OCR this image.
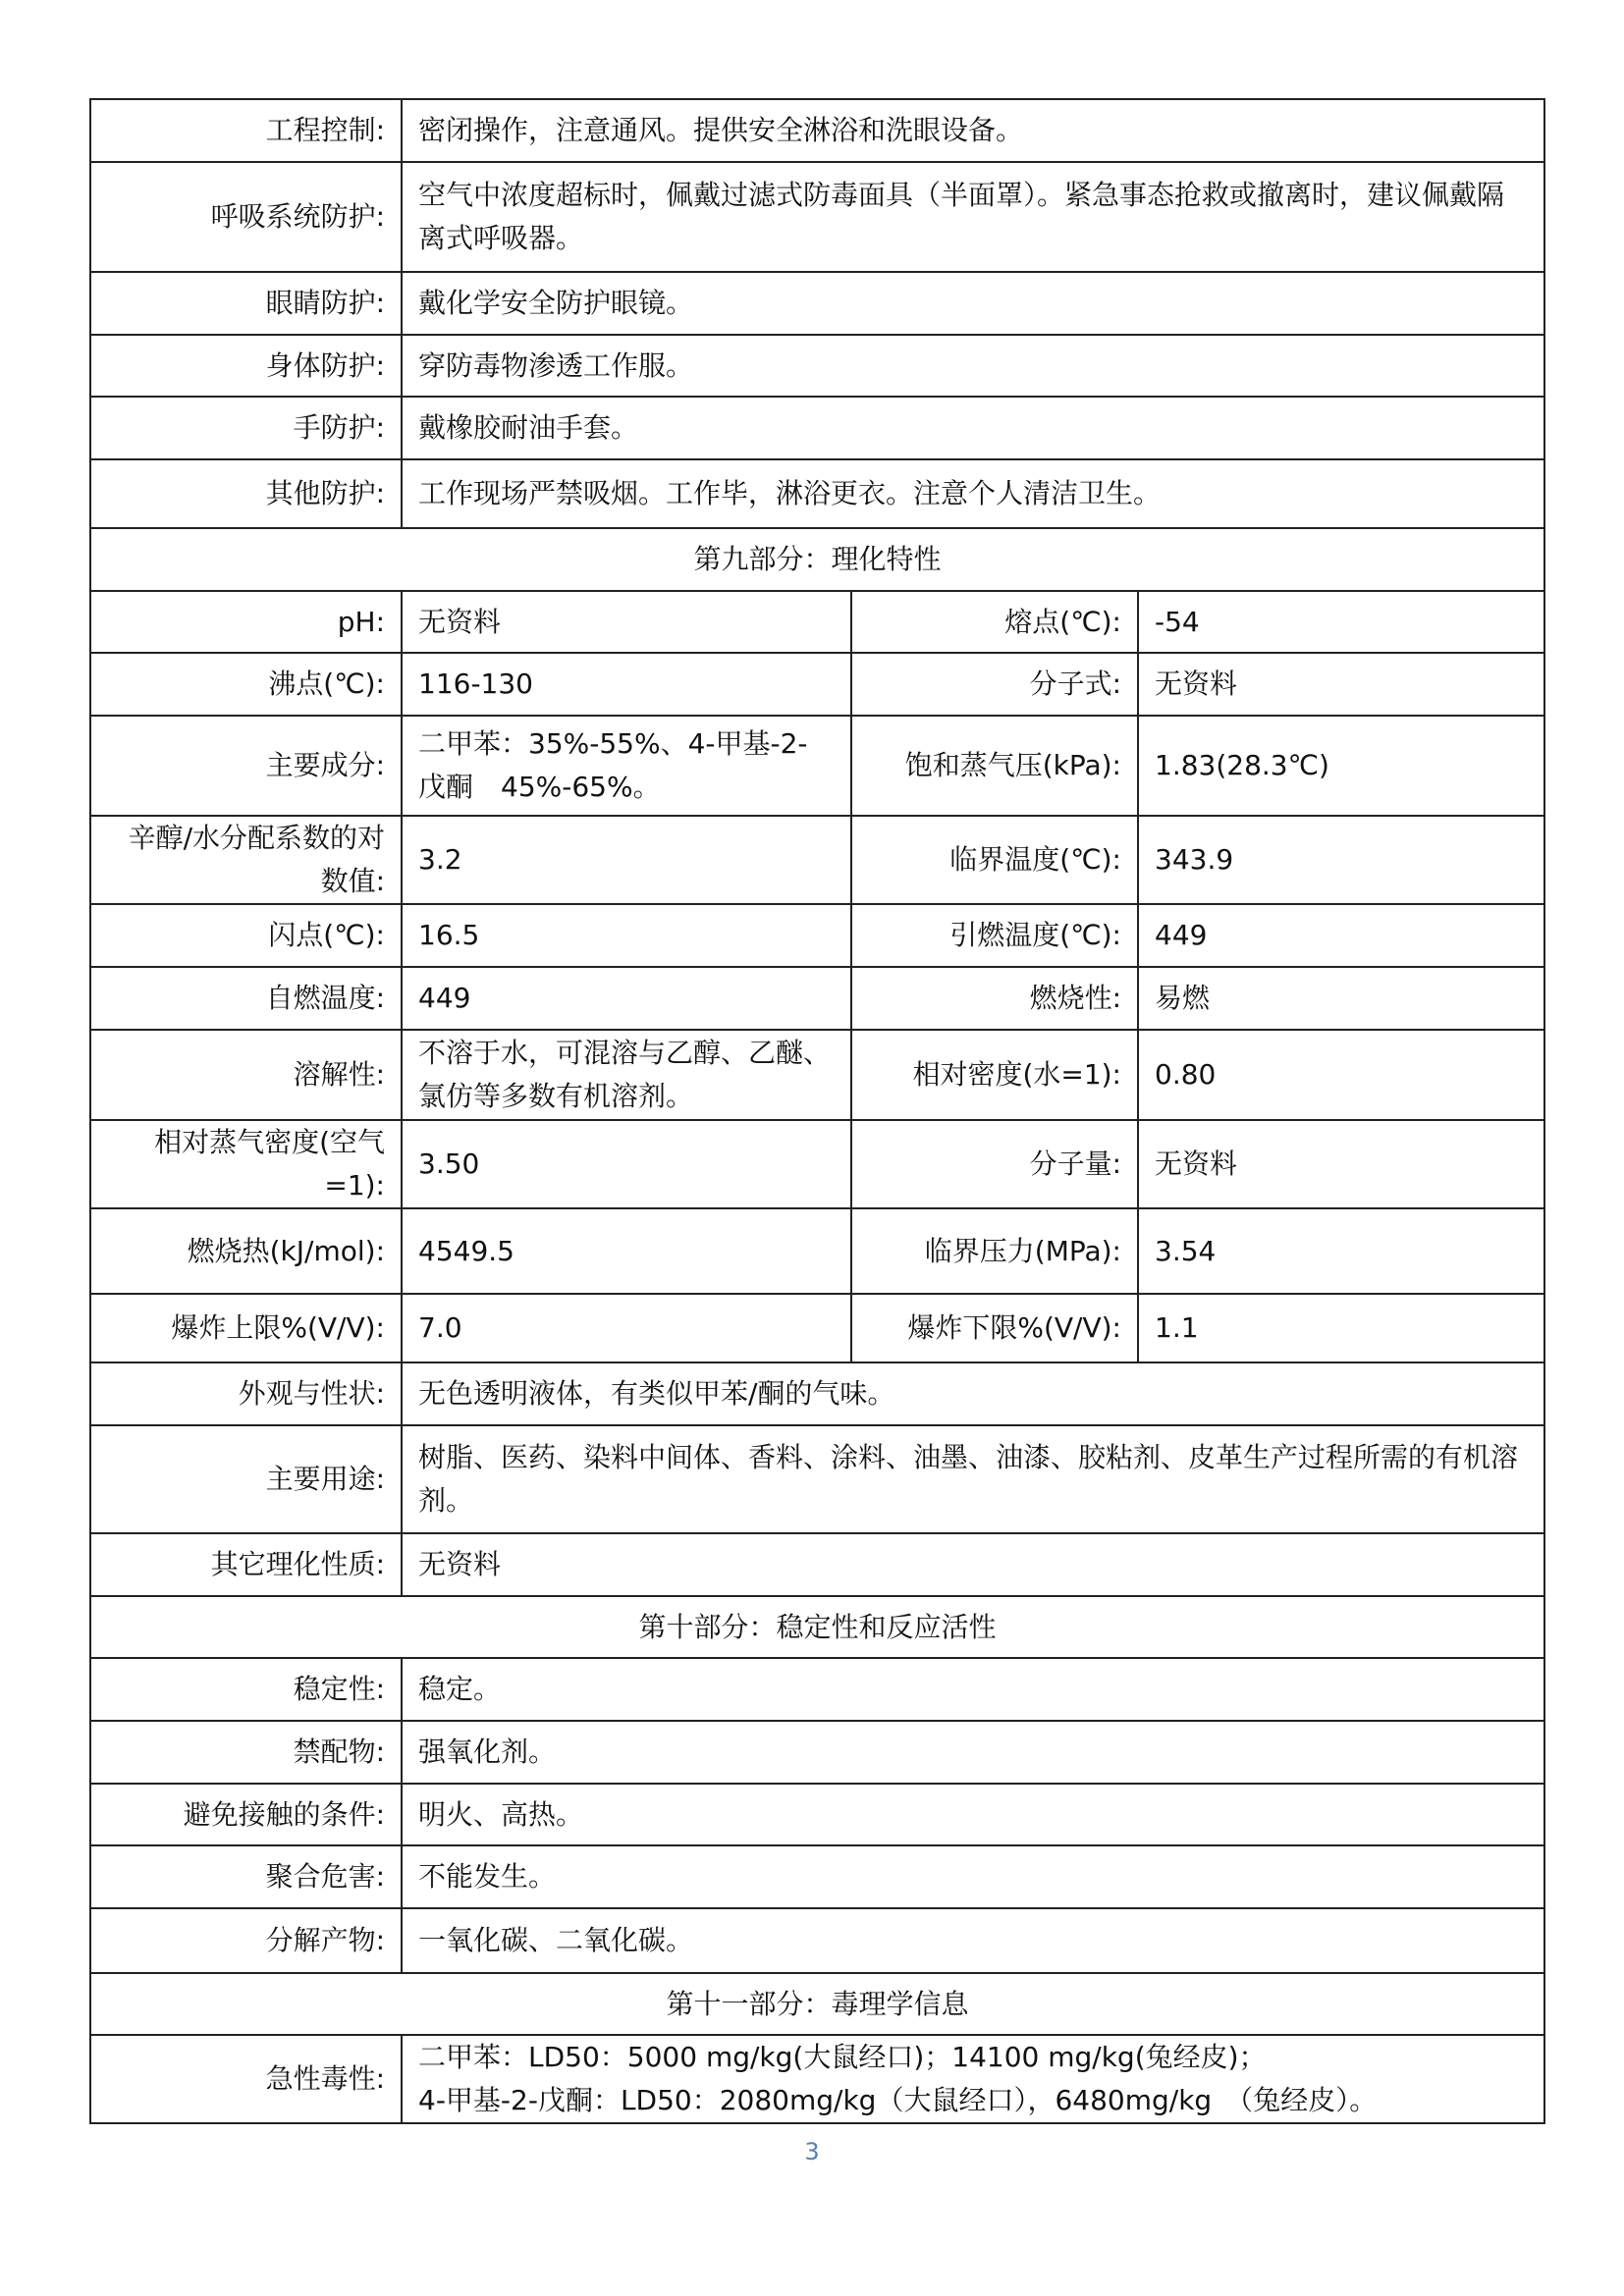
工程控制:	密闭操作，注意通风。提供安全淋浴和洗眼设备。		
呼吸系统防护:	空气中浓度超标时，佩戴过滤式防毒面具（半面罩）。紧急事态抢救或撤离时，建议佩戴隔离式呼吸器。		
眼睛防护:	戴化学安全防护眼镜。		
身体防护:	穿防毒物渗透工作服。		
手防护:	戴橡胶耐油手套。		
其他防护:	工作现场严禁吸烟。工作毕，淋浴更衣。注意个人清洁卫生。		
第九部分：理化特性			
pH:	无资料	熔点(℃):	-54
沸点(℃):	116-130	分子式:	无资料
主要成分:	二甲苯：35%-55%、4-甲基-2-戊酮　45%-65%。	饱和蒸气压(kPa):	1.83(28.3℃)
辛醇/水分配系数的对数值:	3.2	临界温度(℃):	343.9
闪点(℃):	16.5	引燃温度(℃):	449
自燃温度:	449	燃烧性:	易燃
溶解性:	不溶于水，可混溶与乙醇、乙醚、氯仿等多数有机溶剂。	相对密度(水=1):	0.80
相对蒸气密度(空气=1):	3.50	分子量:	无资料
燃烧热(kJ/mol):	4549.5	临界压力(MPa):	3.54
爆炸上限%(V/V):	7.0	爆炸下限%(V/V):	1.1
外观与性状:	无色透明液体，有类似甲苯/酮的气味。		
主要用途:	树脂、医药、染料中间体、香料、涂料、油墨、油漆、胶粘剂、皮革生产过程所需的有机溶剂。		
其它理化性质:	无资料		
第十部分：稳定性和反应活性			
稳定性:	稳定。		
禁配物:	强氧化剂。		
避免接触的条件:	明火、高热。		
聚合危害:	不能发生。		
分解产物:	一氧化碳、二氧化碳。		
第十一部分：毒理学信息			
急性毒性:	二甲苯：LD50：5000 mg/kg(大鼠经口)；14100 mg/kg(兔经皮)；
4-甲基-2-戊酮：LD50：2080mg/kg（大鼠经口），6480mg/kg　（兔经皮）。		
3
